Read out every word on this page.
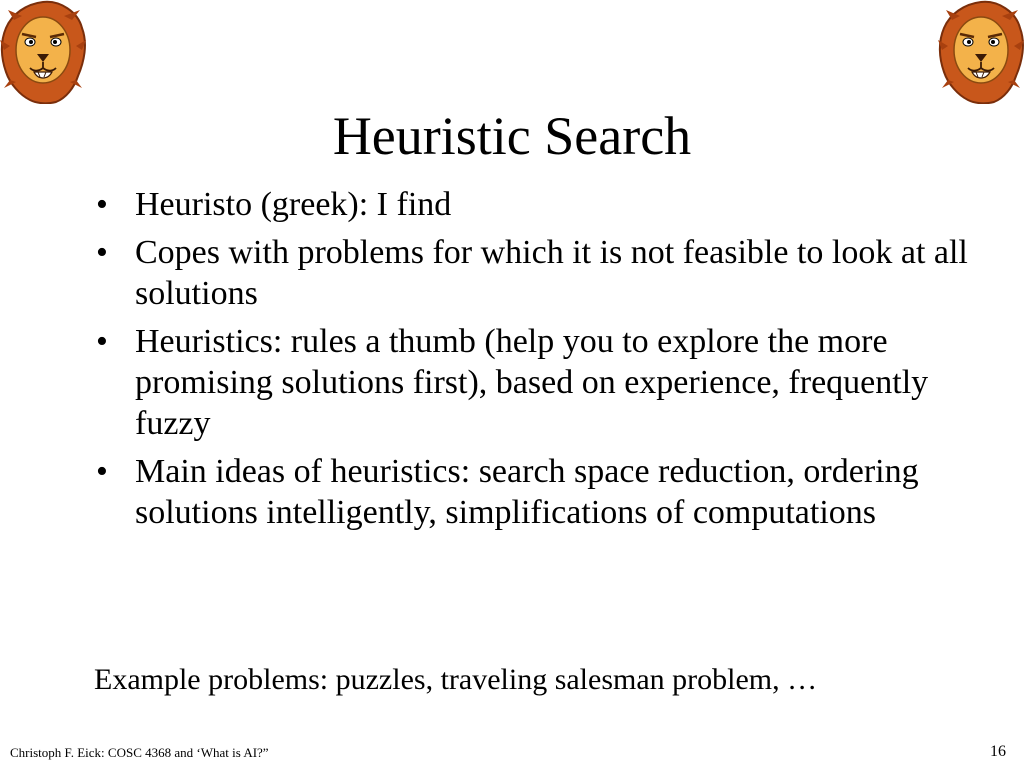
Heuristic Search
• Heuristo (greek): I find
• Copes with problems for which it is not feasible to look at all solutions
• Heuristics: rules a thumb (help you to explore the more promising solutions first), based on experience, frequently fuzzy
• Main ideas of heuristics: search space reduction, ordering solutions intelligently, simplifications of computations

Example problems: puzzles, traveling salesman problem, …

Christoph F. Eick: COSC 4368 and ‘What is AI?”	16
